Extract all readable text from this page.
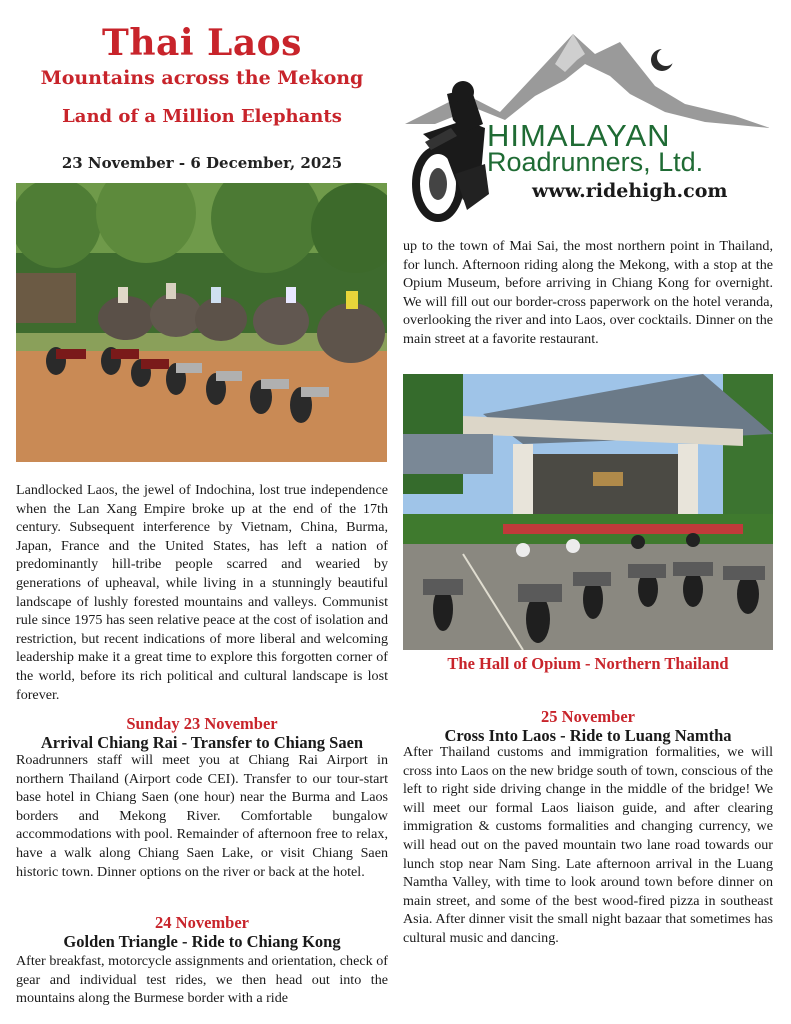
Thai Laos
Mountains across the Mekong
Land of a Million Elephants
23 November - 6 December, 2025
HIMALAYAN
Roadrunners, Ltd.
www.ridehigh.com
The Hall of Opium - Northern Thailand
Landlocked Laos, the jewel of Indochina, lost true independence when the Lan Xang Empire broke up at the end of the 17th century. Subsequent interference by Vietnam, China, Burma, Japan, France and the United States, has left a nation of predominantly hill-tribe people scarred and wearied by generations of upheaval, while living in a stunningly beautiful landscape of lushly forested mountains and valleys. Communist rule since 1975 has seen relative peace at the cost of isolation and restriction, but recent indications of more liberal and welcoming leadership make it a great time to explore this forgotten corner of the world, before its rich political and cultural landscape is lost forever.
up to the town of Mai Sai, the most northern point in Thailand, for lunch. Afternoon riding along the Mekong, with a stop at the Opium Museum, before arriving in Chiang Kong for overnight. We will fill out our border-cross paperwork on the hotel veranda, overlooking the river and into Laos, over cocktails. Dinner on the main street at a favorite restaurant.
Sunday 23 November
Arrival Chiang Rai - Transfer to Chiang Saen
Roadrunners staff will meet you at Chiang Rai Airport in northern Thailand (Airport code CEI). Transfer to our tour-start base hotel in Chiang Saen (one hour) near the Burma and Laos borders and Mekong River. Comfortable bungalow accommodations with pool. Remainder of afternoon free to relax, have a walk along Chiang Saen Lake, or visit Chiang Saen historic town. Dinner options on the river or back at the hotel.
24 November
Golden Triangle - Ride to Chiang Kong
After breakfast, motorcycle assignments and orientation, check of gear and individual test rides, we then head out into the mountains along the Burmese border with a ride
25 November
Cross Into Laos - Ride to Luang Namtha
After Thailand customs and immigration formalities, we will cross into Laos on the new bridge south of town, conscious of the left to right side driving change in the middle of the bridge! We will meet our formal Laos liaison guide, and after clearing immigration & customs formalities and changing currency, we will head out on the paved mountain two lane road towards our lunch stop near Nam Sing. Late afternoon arrival in the Luang Namtha Valley, with time to look around town before dinner on main street, and some of the best wood-fired pizza in southeast Asia. After dinner visit the small night bazaar that sometimes has cultural music and dancing.
